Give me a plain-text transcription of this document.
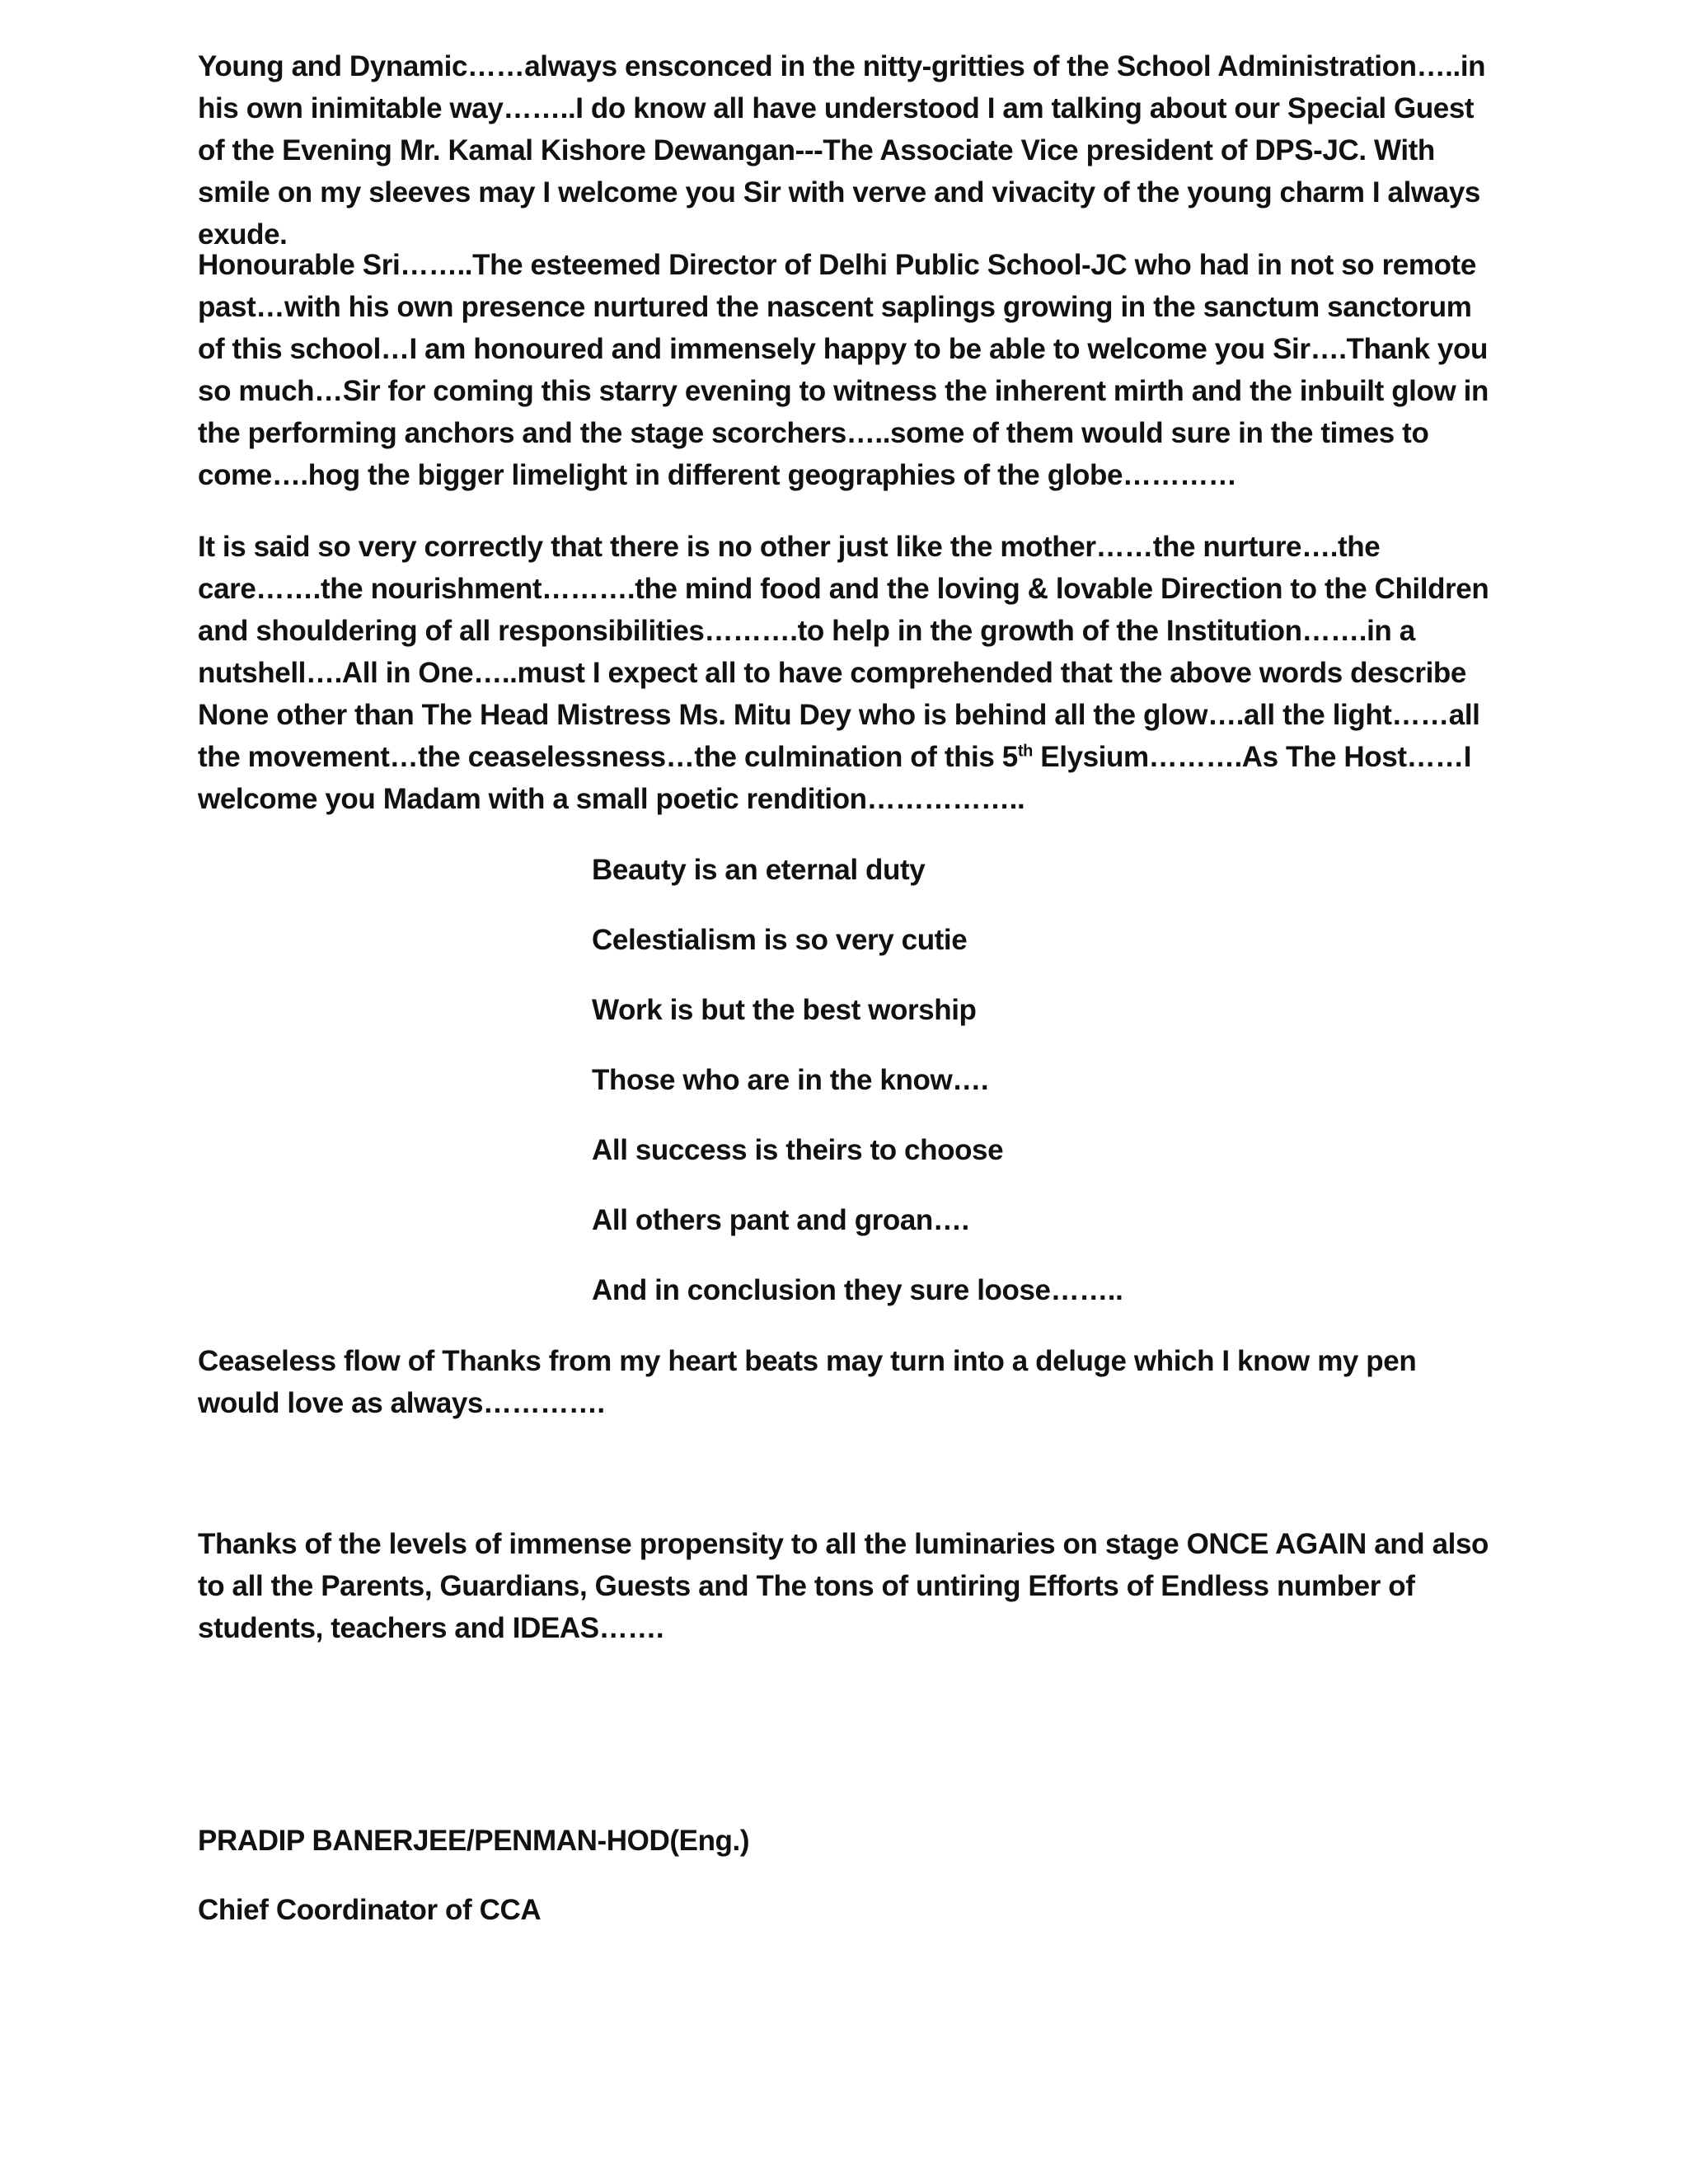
Young and Dynamic……always ensconced in the nitty-gritties of the School Administration…..in his own inimitable way……..I do know all have understood I am talking about our Special Guest of the Evening Mr. Kamal Kishore Dewangan---The Associate Vice president of DPS-JC. With smile on my sleeves may I welcome you Sir with verve and vivacity of the young charm I always exude.

Honourable Sri……..The esteemed Director of Delhi Public School-JC who had in not so remote past…with his own presence nurtured the nascent saplings growing in the sanctum sanctorum of this school…I am honoured and immensely happy to be able to welcome you Sir….Thank you so much…Sir for coming this starry evening to witness the inherent mirth and the inbuilt glow in the performing anchors and the stage scorchers…..some of them would sure in the times to come….hog the bigger limelight in different geographies of the globe…………

It is said so very correctly that there is no other just like the mother……the nurture….the care…….the nourishment……….the mind food and the loving & lovable Direction to the Children and shouldering of all responsibilities……….to help in the growth of the Institution…….in a nutshell….All in One…..must I expect all to have comprehended that the above words describe None other than The Head Mistress Ms. Mitu Dey who is behind all the glow….all the light……all the movement…the ceaselessness…the culmination of this 5th Elysium……….As The Host……I welcome you Madam with a small poetic rendition……………..

Beauty is an eternal duty
Celestialism is so very cutie
Work is but the best worship
Those who are in the know….
All success is theirs to choose
All others pant and groan….
And in conclusion they sure loose……..

Ceaseless flow of Thanks from my heart beats may turn into a deluge which I know my pen would love as always………….

Thanks of the levels of immense propensity to all the luminaries on stage ONCE AGAIN and also to all the Parents, Guardians, Guests and The tons of untiring Efforts of Endless number of students, teachers and IDEAS…….

PRADIP BANERJEE/PENMAN-HOD(Eng.)

Chief Coordinator of CCA
